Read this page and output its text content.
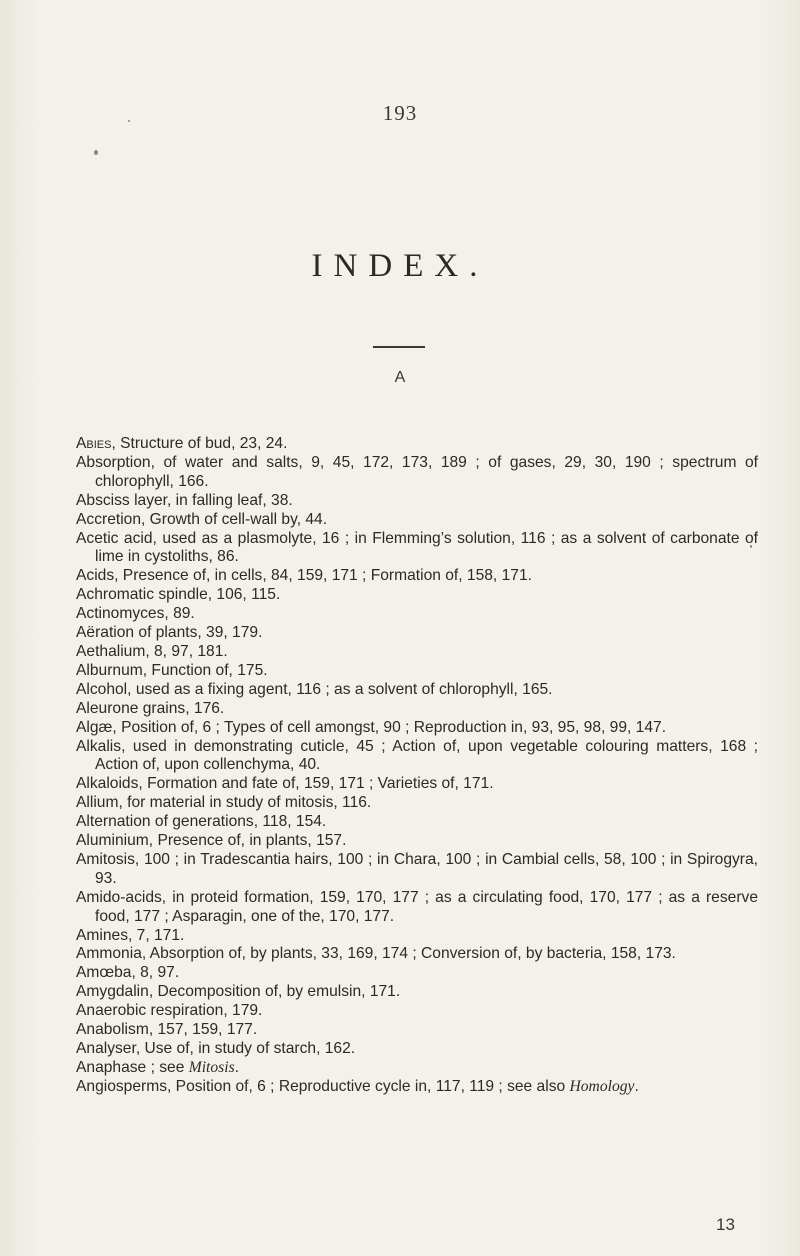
193
INDEX.
A
Abies, Structure of bud, 23, 24.
Absorption, of water and salts, 9, 45, 172, 173, 189 ; of gases, 29, 30, 190 ; spectrum of chlorophyll, 166.
Absciss layer, in falling leaf, 38.
Accretion, Growth of cell-wall by, 44.
Acetic acid, used as a plasmolyte, 16 ; in Flemming’s solution, 116 ; as a solvent of carbonate of lime in cystoliths, 86.
Acids, Presence of, in cells, 84, 159, 171 ; Formation of, 158, 171.
Achromatic spindle, 106, 115.
Actinomyces, 89.
Aëration of plants, 39, 179.
Aethalium, 8, 97, 181.
Alburnum, Function of, 175.
Alcohol, used as a fixing agent, 116 ; as a solvent of chlorophyll, 165.
Aleurone grains, 176.
Algæ, Position of, 6 ; Types of cell amongst, 90 ; Reproduction in, 93, 95, 98, 99, 147.
Alkalis, used in demonstrating cuticle, 45 ; Action of, upon vegetable colouring matters, 168 ; Action of, upon collenchyma, 40.
Alkaloids, Formation and fate of, 159, 171 ; Varieties of, 171.
Allium, for material in study of mitosis, 116.
Alternation of generations, 118, 154.
Aluminium, Presence of, in plants, 157.
Amitosis, 100 ; in Tradescantia hairs, 100 ; in Chara, 100 ; in Cambial cells, 58, 100 ; in Spirogyra, 93.
Amido-acids, in proteid formation, 159, 170, 177 ; as a circulating food, 170, 177 ; as a reserve food, 177 ; Asparagin, one of the, 170, 177.
Amines, 7, 171.
Ammonia, Absorption of, by plants, 33, 169, 174 ; Conversion of, by bacteria, 158, 173.
Amœba, 8, 97.
Amygdalin, Decomposition of, by emulsin, 171.
Anaerobic respiration, 179.
Anabolism, 157, 159, 177.
Analyser, Use of, in study of starch, 162.
Anaphase ; see Mitosis.
Angiosperms, Position of, 6 ; Reproductive cycle in, 117, 119 ; see also Homology.
13
